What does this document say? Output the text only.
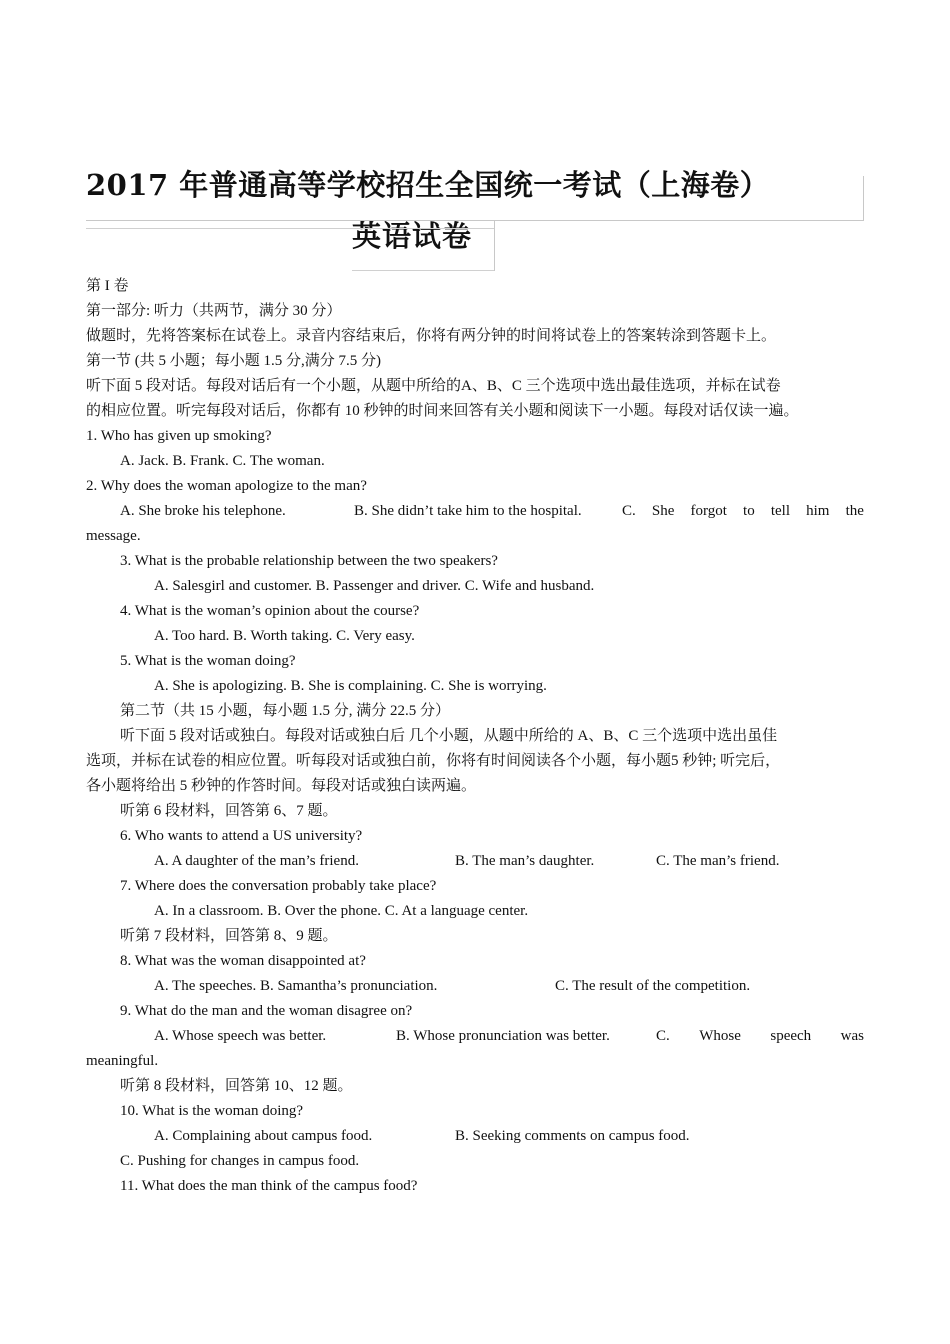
2017 年普通高等学校招生全国统一考试（上海卷）
英语试卷
第 I 卷
第一部分: 听力（共两节，满分 30 分）
做题时，先将答案标在试卷上。录音内容结束后，你将有两分钟的时间将试卷上的答案转涂到答题卡上。
第一节 (共 5 小题；每小题 1.5 分,满分 7.5 分)
听下面 5 段对话。每段对话后有一个小题，从题中所给的A、B、C 三个选项中选出最佳选项，并标在试卷
的相应位置。听完每段对话后，你都有 10 秒钟的时间来回答有关小题和阅读下一小题。每段对话仅读一遍。
1. Who has given up smoking?
A. Jack. B. Frank. C. The woman.
2. Why does the woman apologize to the man?
A. She broke his telephone.	B. She didn’t take him to the hospital.	C. She forgot to tell him the
message.
3. What is the probable relationship between the two speakers?
A. Salesgirl and customer. B. Passenger and driver. C. Wife and husband.
4. What is the woman’s opinion about the course?
A. Too hard. B. Worth taking. C. Very easy.
5. What is the woman doing?
A. She is apologizing. B. She is complaining. C. She is worrying.
第二节（共 15 小题，每小题 1.5 分, 满分 22.5 分）
听下面 5 段对话或独白。每段对话或独白后 几个小题，从题中所给的 A、B、C 三个选项中选出虽佳
选项，并标在试卷的相应位置。听每段对话或独白前，你将有时间阅读各个小题，每小题5 秒钟; 听完后，
各小题将给出 5 秒钟的作答时间。每段对话或独白读两遍。
听第 6 段材料，回答第 6、7 题。
6. Who wants to attend a US university?
A. A daughter of the man’s friend.	B. The man’s daughter.	C. The man’s friend.
7. Where does the conversation probably take place?
A. In a classroom. B. Over the phone. C. At a language center.
听第 7 段材料，回答第 8、9 题。
8. What was the woman disappointed at?
A. The speeches. B. Samantha’s pronunciation.	C. The result of the competition.
9. What do the man and the woman disagree on?
A. Whose speech was better.	B. Whose pronunciation was better.	C. Whose speech was
meaningful.
听第 8 段材料，回答第 10、12 题。
10. What is the woman doing?
A. Complaining about campus food.	B. Seeking comments on campus food.
C. Pushing for changes in campus food.
11. What does the man think of the campus food?
